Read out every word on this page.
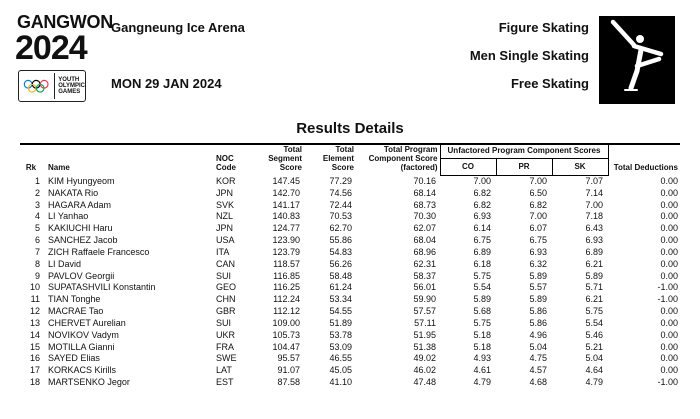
GANGWON
2024
YOUTH
OLYMPIC
GAMES
Gangneung Ice Arena
MON 29 JAN 2024
Figure Skating
Men Single Skating
Free Skating
Results Details
Rk	Name	NOC Code	Total Segment Score	Total Element Score	Total Program Component Score (factored)	Unfactored Program Component Scores			Total Deductions
						CO	PR	SK	
1	KIM Hyungyeom	KOR	147.45	77.29	70.16	7.00	7.00	7.07	0.00
2	NAKATA Rio	JPN	142.70	74.56	68.14	6.82	6.50	7.14	0.00
3	HAGARA Adam	SVK	141.17	72.44	68.73	6.82	6.82	7.00	0.00
4	LI Yanhao	NZL	140.83	70.53	70.30	6.93	7.00	7.18	0.00
5	KAKIUCHI Haru	JPN	124.77	62.70	62.07	6.14	6.07	6.43	0.00
6	SANCHEZ Jacob	USA	123.90	55.86	68.04	6.75	6.75	6.93	0.00
7	ZICH Raffaele Francesco	ITA	123.79	54.83	68.96	6.89	6.93	6.89	0.00
8	LI David	CAN	118.57	56.26	62.31	6.18	6.32	6.21	0.00
9	PAVLOV Georgii	SUI	116.85	58.48	58.37	5.75	5.89	5.89	0.00
10	SUPATASHVILI Konstantin	GEO	116.25	61.24	56.01	5.54	5.57	5.71	-1.00
11	TIAN Tonghe	CHN	112.24	53.34	59.90	5.89	5.89	6.21	-1.00
12	MACRAE Tao	GBR	112.12	54.55	57.57	5.68	5.86	5.75	0.00
13	CHERVET Aurelian	SUI	109.00	51.89	57.11	5.75	5.86	5.54	0.00
14	NOVIKOV Vadym	UKR	105.73	53.78	51.95	5.18	4.96	5.46	0.00
15	MOTILLA Gianni	FRA	104.47	53.09	51.38	5.18	5.04	5.21	0.00
16	SAYED Elias	SWE	95.57	46.55	49.02	4.93	4.75	5.04	0.00
17	KORKACS Kirills	LAT	91.07	45.05	46.02	4.61	4.57	4.64	0.00
18	MARTSENKO Jegor	EST	87.58	41.10	47.48	4.79	4.68	4.79	-1.00
